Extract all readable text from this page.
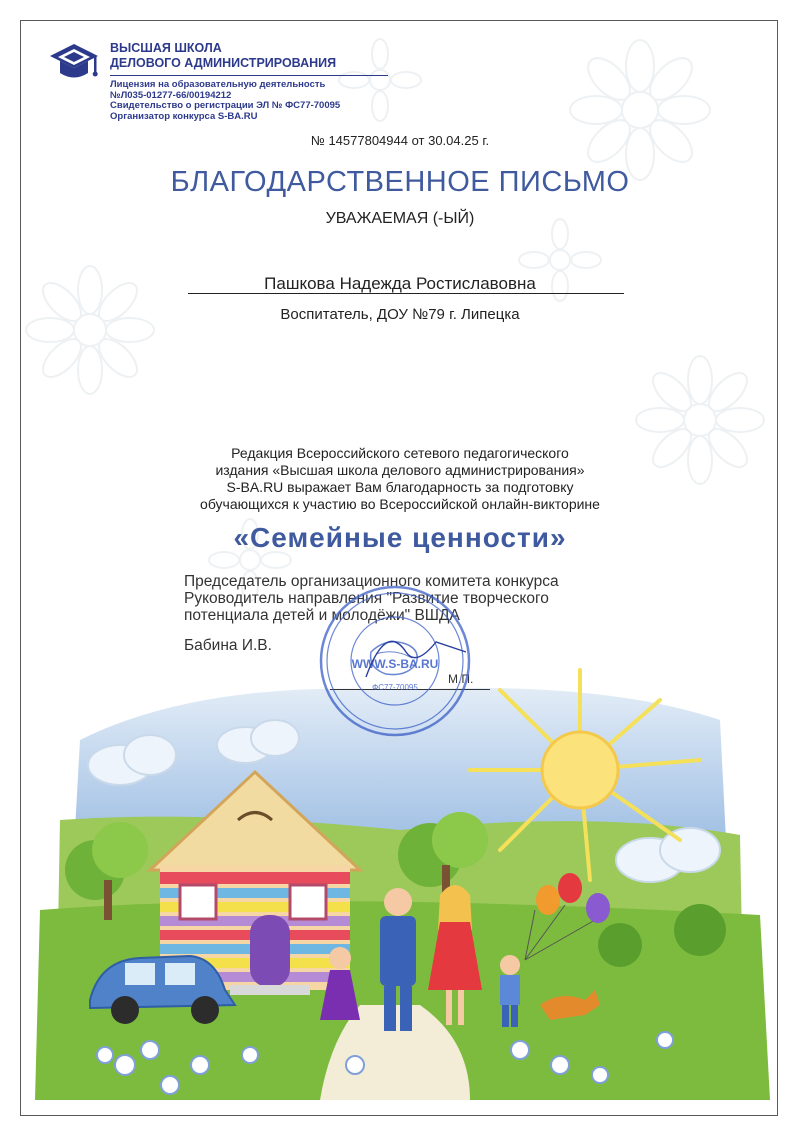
ВЫСШАЯ ШКОЛА
ДЕЛОВОГО АДМИНИСТРИРОВАНИЯ
Лицензия на образовательную деятельность
№Л035-01277-66/00194212
Свидетельство о регистрации ЭЛ № ФС77-70095
Организатор конкурса S-BA.RU
№ 14577804944 от 30.04.25 г.
БЛАГОДАРСТВЕННОЕ ПИСЬМО
УВАЖАЕМАЯ (-ЫЙ)
Пашкова Надежда Ростиславовна
Воспитатель, ДОУ №79 г. Липецка
Редакция Всероссийского сетевого педагогического
издания «Высшая школа делового администрирования»
S-BA.RU выражает Вам благодарность за подготовку
обучающихся к участию во Всероссийской онлайн-викторине
«Семейные ценности»
Председатель организационного комитета конкурса
Руководитель направления "Развитие творческого
потенциала детей и молодёжи" ВШДА
Бабина И.В.
М.П.
WWW.S-BA.RU
ФС77-70095
